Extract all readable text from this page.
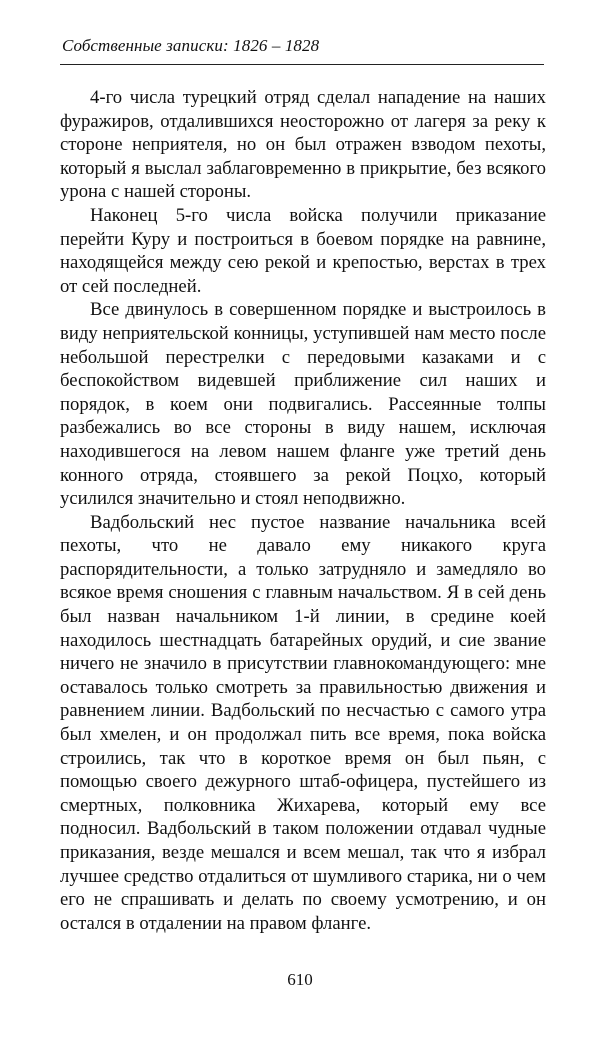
Собственные записки: 1826 – 1828

4-го числа турецкий отряд сделал нападение на наших фуражиров, отдалившихся неосторожно от лагеря за реку к стороне неприятеля, но он был отражен взводом пехоты, который я выслал заблаговременно в прикрытие, без всякого урона с нашей стороны.

Наконец 5-го числа войска получили приказание перейти Куру и построиться в боевом порядке на равнине, находящейся между сею рекой и крепостью, верстах в трех от сей последней.

Все двинулось в совершенном порядке и выстроилось в виду неприятельской конницы, уступившей нам место после небольшой перестрелки с передовыми казаками и с беспокойством видевшей приближение сил наших и порядок, в коем они подвигались. Рассеянные толпы разбежались во все стороны в виду нашем, исключая находившегося на левом нашем фланге уже третий день конного отряда, стоявшего за рекой Поцхо, который усилился значительно и стоял неподвижно.

Вадбольский нес пустое название начальника всей пехоты, что не давало ему никакого круга распорядительности, а только затрудняло и замедляло во всякое время сношения с главным начальством. Я в сей день был назван начальником 1-й линии, в средине коей находилось шестнадцать батарейных орудий, и сие звание ничего не значило в присутствии главнокомандующего: мне оставалось только смотреть за правильностью движения и равнением линии. Вадбольский по несчастью с самого утра был хмелен, и он продолжал пить все время, пока войска строились, так что в короткое время он был пьян, с помощью своего дежурного штаб-офицера, пустейшего из смертных, полковника Жихарева, который ему все подносил. Вадбольский в таком положении отдавал чудные приказания, везде мешался и всем мешал, так что я избрал лучшее средство отдалиться от шумливого старика, ни о чем его не спрашивать и делать по своему усмотрению, и он остался в отдалении на правом фланге.

610
